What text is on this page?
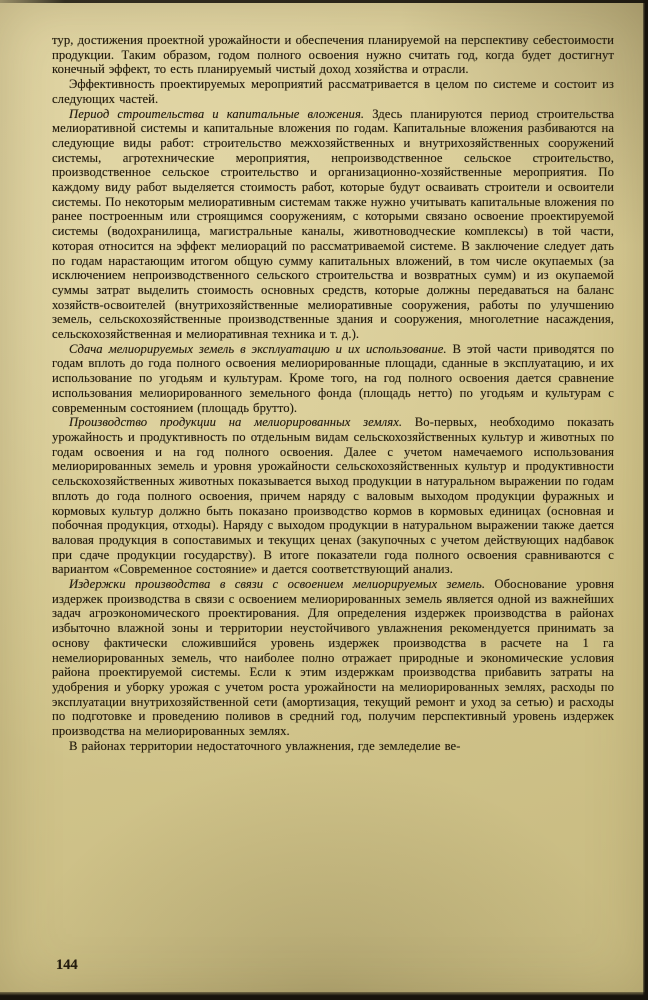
тур, достижения проектной урожайности и обеспечения планируемой на перспективу себестоимости продукции. Таким образом, годом полного освоения нужно считать год, когда будет достигнут конечный эффект, то есть планируемый чистый доход хозяйства и отрасли.

Эффективность проектируемых мероприятий рассматривается в целом по системе и состоит из следующих частей.

Период строительства и капитальные вложения. Здесь планируются период строительства мелиоративной системы и капитальные вложения по годам. Капитальные вложения разбиваются на следующие виды работ: строительство межхозяйственных и внутрихозяйственных сооружений системы, агротехнические мероприятия, непроизводственное сельское строительство, производственное сельское строительство и организационно-хозяйственные мероприятия. По каждому виду работ выделяется стоимость работ, которые будут осваивать строители и освоители системы. По некоторым мелиоративным системам также нужно учитывать капитальные вложения по ранее построенным или строящимся сооружениям, с которыми связано освоение проектируемой системы (водохранилища, магистральные каналы, животноводческие комплексы) в той части, которая относится на эффект мелиораций по рассматриваемой системе. В заключение следует дать по годам нарастающим итогом общую сумму капитальных вложений, в том числе окупаемых (за исключением непроизводственного сельского строительства и возвратных сумм) и из окупаемой суммы затрат выделить стоимость основных средств, которые должны передаваться на баланс хозяйств-освоителей (внутрихозяйственные мелиоративные сооружения, работы по улучшению земель, сельскохозяйственные производственные здания и сооружения, многолетние насаждения, сельскохозяйственная и мелиоративная техника и т. д.).

Сдача мелиорируемых земель в эксплуатацию и их использование. В этой части приводятся по годам вплоть до года полного освоения мелиорированные площади, сданные в эксплуатацию, и их использование по угодьям и культурам. Кроме того, на год полного освоения дается сравнение использования мелиорированного земельного фонда (площадь нетто) по угодьям и культурам с современным состоянием (площадь брутто).

Производство продукции на мелиорированных землях. Во-первых, необходимо показать урожайность и продуктивность по отдельным видам сельскохозяйственных культур и животных по годам освоения и на год полного освоения. Далее с учетом намечаемого использования мелиорированных земель и уровня урожайности сельскохозяйственных культур и продуктивности сельскохозяйственных животных показывается выход продукции в натуральном выражении по годам вплоть до года полного освоения, причем наряду с валовым выходом продукции фуражных и кормовых культур должно быть показано производство кормов в кормовых единицах (основная и побочная продукция, отходы). Наряду с выходом продукции в натуральном выражении также дается валовая продукция в сопоставимых и текущих ценах (закупочных с учетом действующих надбавок при сдаче продукции государству). В итоге показатели года полного освоения сравниваются с вариантом «Современное состояние» и дается соответствующий анализ.

Издержки производства в связи с освоением мелиорируемых земель. Обоснование уровня издержек производства в связи с освоением мелиорированных земель является одной из важнейших задач агроэкономического проектирования. Для определения издержек производства в районах избыточно влажной зоны и территории неустойчивого увлажнения рекомендуется принимать за основу фактически сложившийся уровень издержек производства в расчете на 1 га немелиорированных земель, что наиболее полно отражает природные и экономические условия района проектируемой системы. Если к этим издержкам производства прибавить затраты на удобрения и уборку урожая с учетом роста урожайности на мелиорированных землях, расходы по эксплуатации внутрихозяйственной сети (амортизация, текущий ремонт и уход за сетью) и расходы по подготовке и проведению поливов в средний год, получим перспективный уровень издержек производства на мелиорированных землях.

В районах территории недостаточного увлажнения, где земледелие ве-

144
